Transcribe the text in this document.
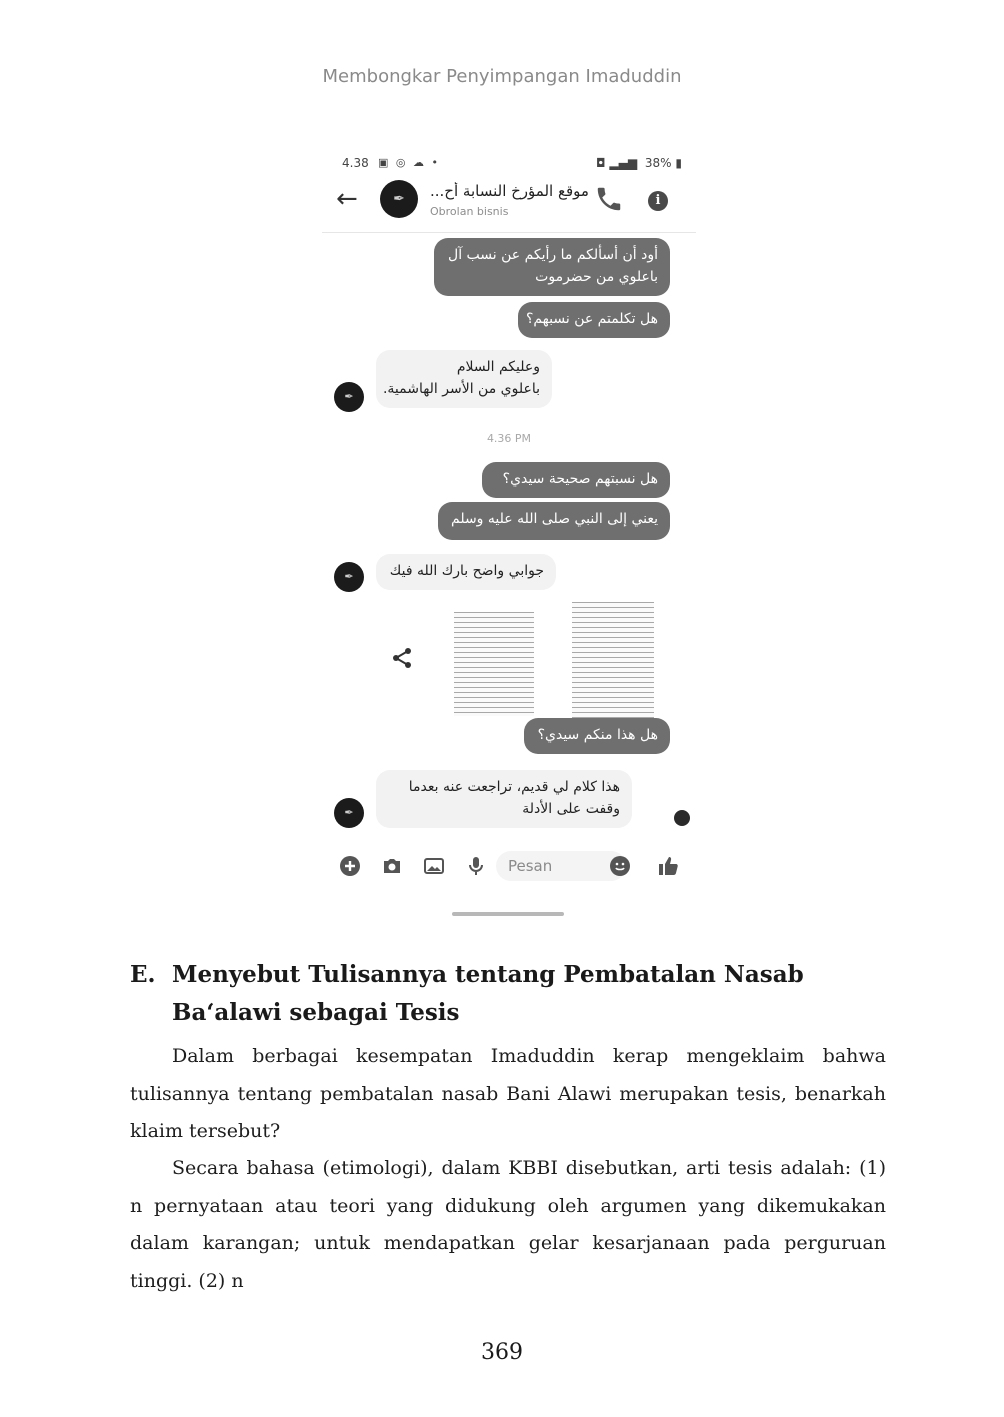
Membongkar Penyimpangan Imaduddin
4.38 ▣ ◎ ☁ •	◘ ▂▄▆ 38% ▮
←	✒	موقع المؤرخ النسابة أح...
Obrolan bisnis
i
أود أن أسألكم ما رأيكم عن نسب آل
باعلوي من حضرموت
هل تكلمتم عن نسبهم؟
✒
وعليكم السلام
باعلوي من الأسر الهاشمية.
4.36 PM
هل نسبتهم صحيحة سيدي؟
يعني إلى النبي صلى الله عليه وسلم
✒	جوابي واضح بارك الله فيك
هل هذا منكم سيدي؟
✒
هذا كلام لي قديم، تراجعت عنه بعدما
وقفت على الأدلة
Pesan
E. Menyebut Tulisannya tentang Pembatalan Nasab Ba‘alawi sebagai Tesis

Dalam berbagai kesempatan Imaduddin kerap mengeklaim bahwa tulisannya tentang pembatalan nasab Bani Alawi merupakan tesis, benarkah klaim tersebut?

Secara bahasa (etimologi), dalam KBBI disebutkan, arti tesis adalah: (1) n pernyataan atau teori yang didukung oleh argumen yang dikemukakan dalam karangan; untuk mendapatkan gelar kesarjanaan pada perguruan tinggi. (2) n

369
